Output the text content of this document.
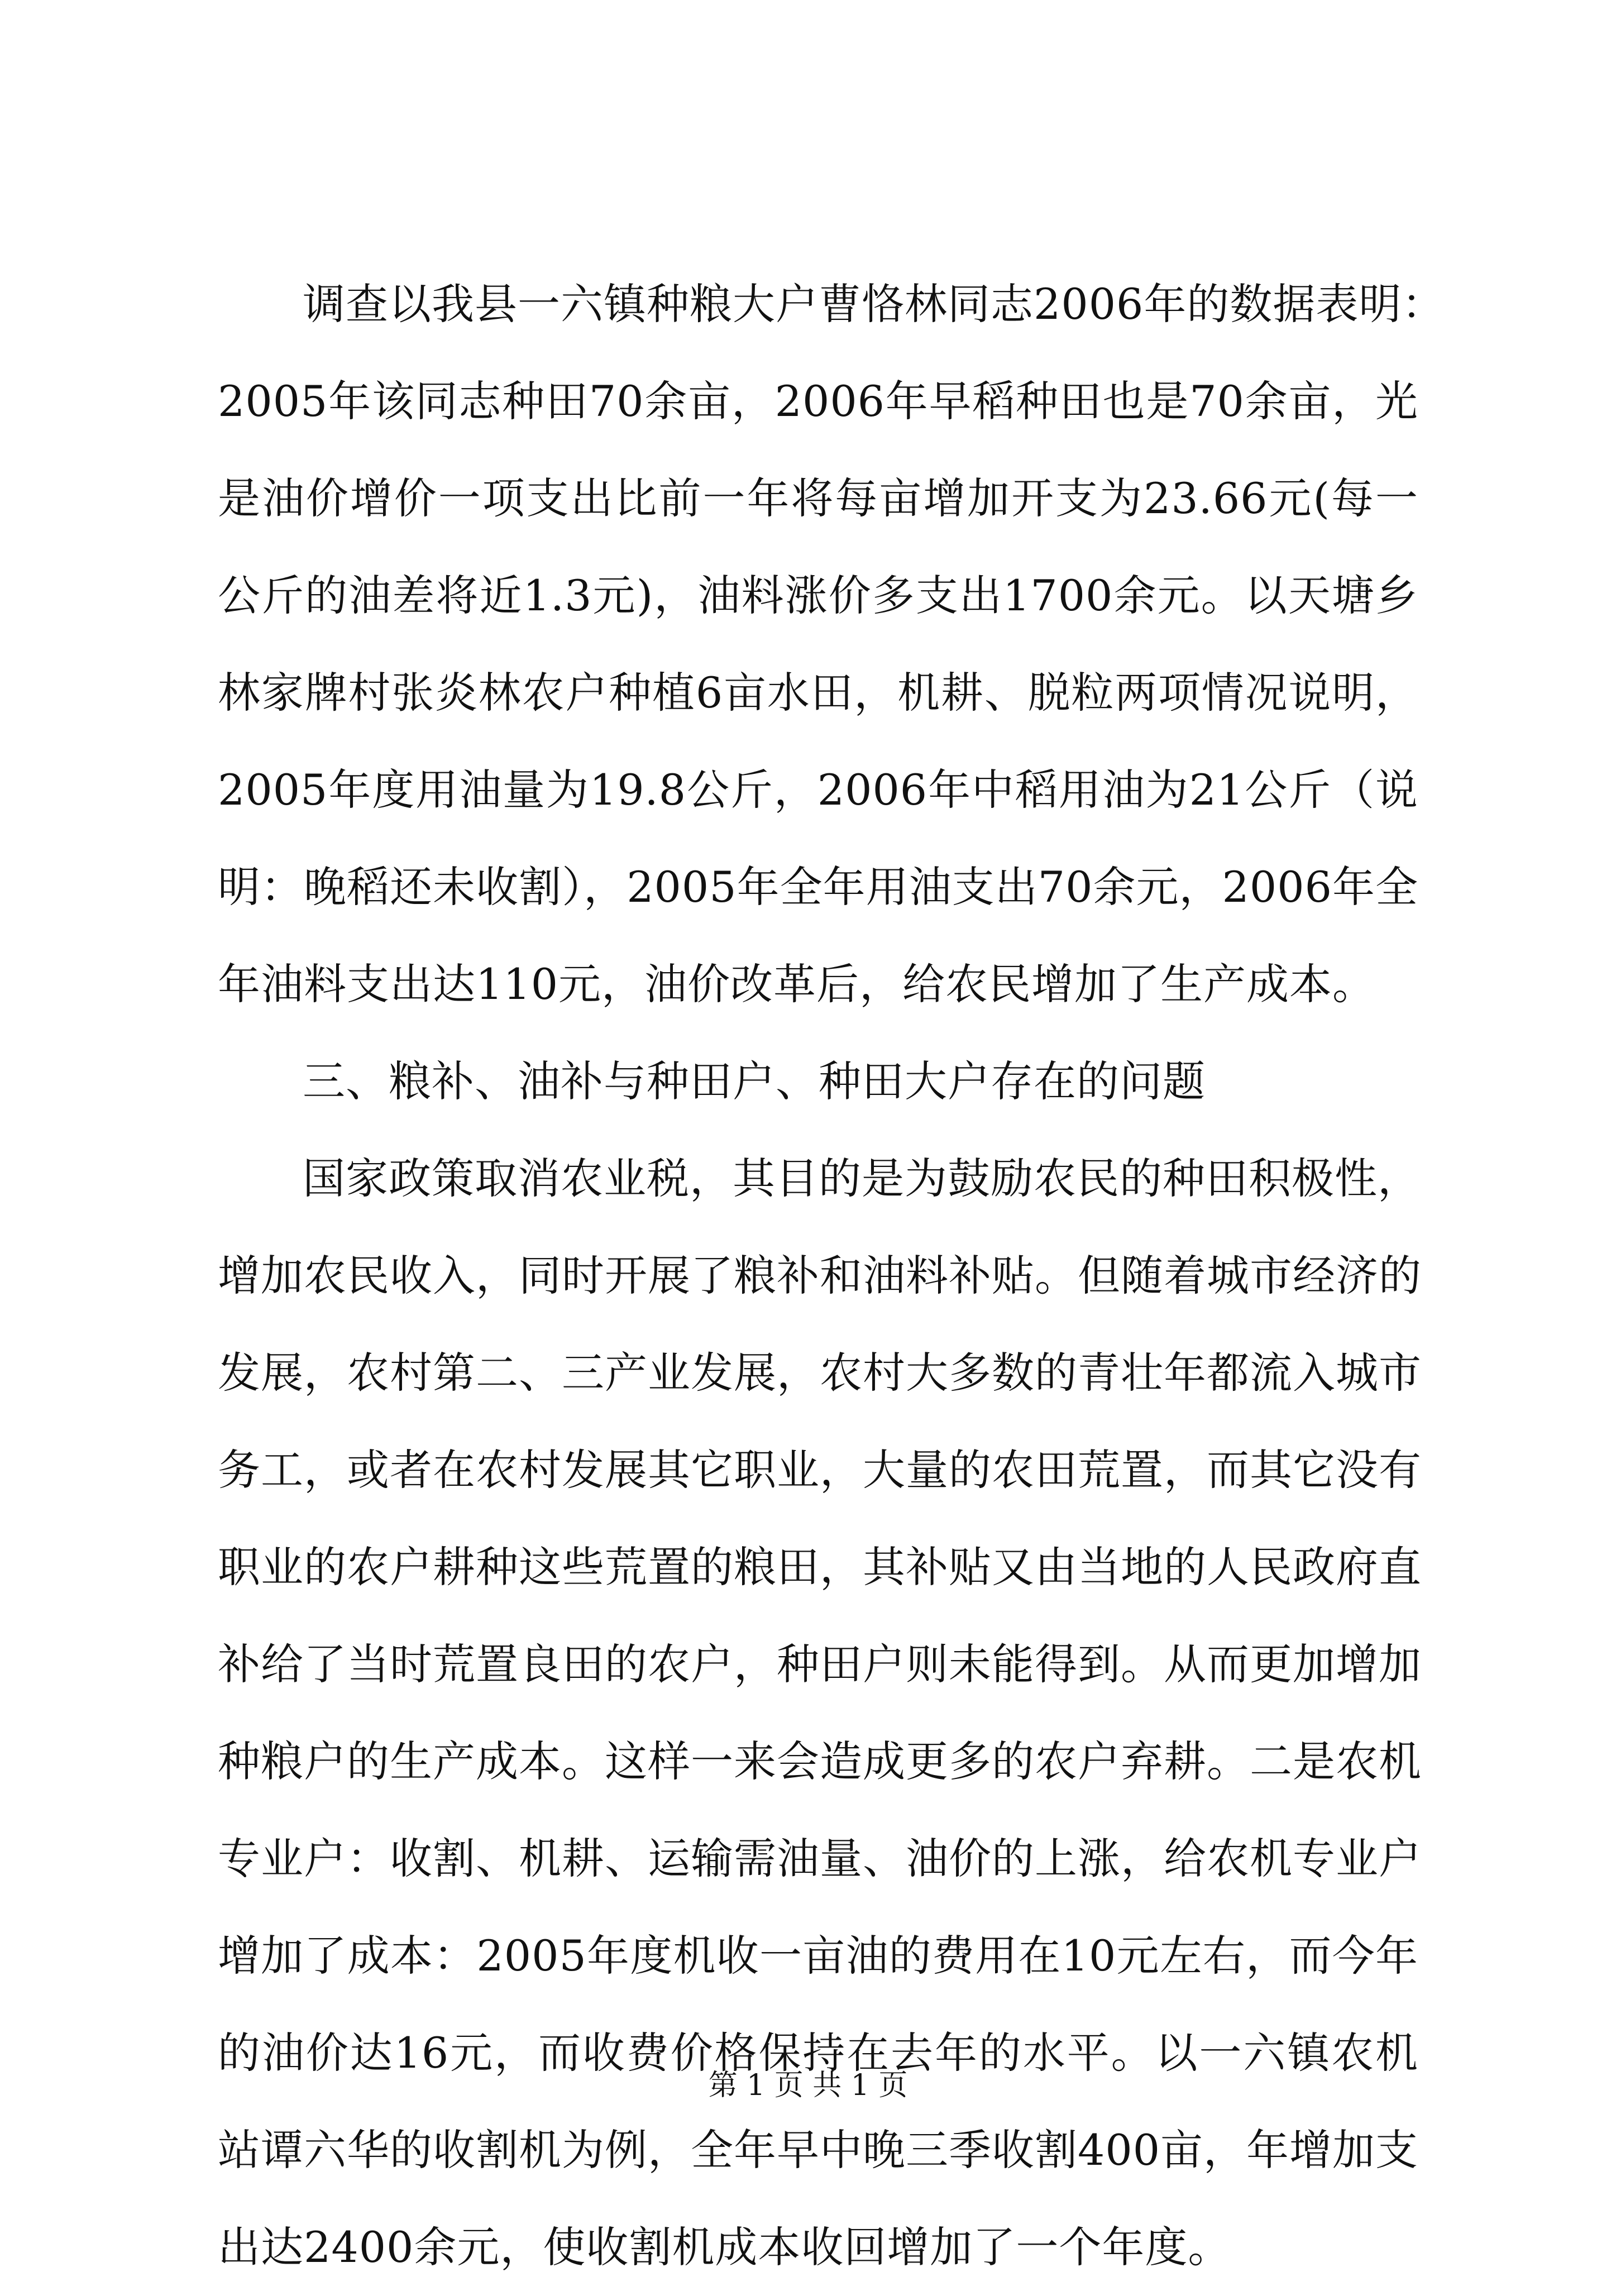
调查以我县一六镇种粮大户曹恪林同志2006年的数据表明：
2005年该同志种田70余亩，2006年早稻种田也是70余亩，光
是油价增价一项支出比前一年将每亩增加开支为23.66元(每一
公斤的油差将近1.3元)，油料涨价多支出1700余元。以天塘乡
林家牌村张炎林农户种植6亩水田，机耕、脱粒两项情况说明，
2005年度用油量为19.8公斤，2006年中稻用油为21公斤（说
明：晚稻还未收割），2005年全年用油支出70余元，2006年全
年油料支出达110元，油价改革后，给农民增加了生产成本。
三、粮补、油补与种田户、种田大户存在的问题
国家政策取消农业税，其目的是为鼓励农民的种田积极性，
增加农民收入，同时开展了粮补和油料补贴。但随着城市经济的
发展，农村第二、三产业发展，农村大多数的青壮年都流入城市
务工，或者在农村发展其它职业，大量的农田荒置，而其它没有
职业的农户耕种这些荒置的粮田，其补贴又由当地的人民政府直
补给了当时荒置良田的农户，种田户则未能得到。从而更加增加
种粮户的生产成本。这样一来会造成更多的农户弃耕。二是农机
专业户：收割、机耕、运输需油量、油价的上涨，给农机专业户
增加了成本：2005年度机收一亩油的费用在10元左右，而今年
的油价达16元，而收费价格保持在去年的水平。以一六镇农机
站谭六华的收割机为例，全年早中晚三季收割400亩，年增加支
出达2400余元，使收割机成本收回增加了一个年度。
第 1 页 共 1 页
